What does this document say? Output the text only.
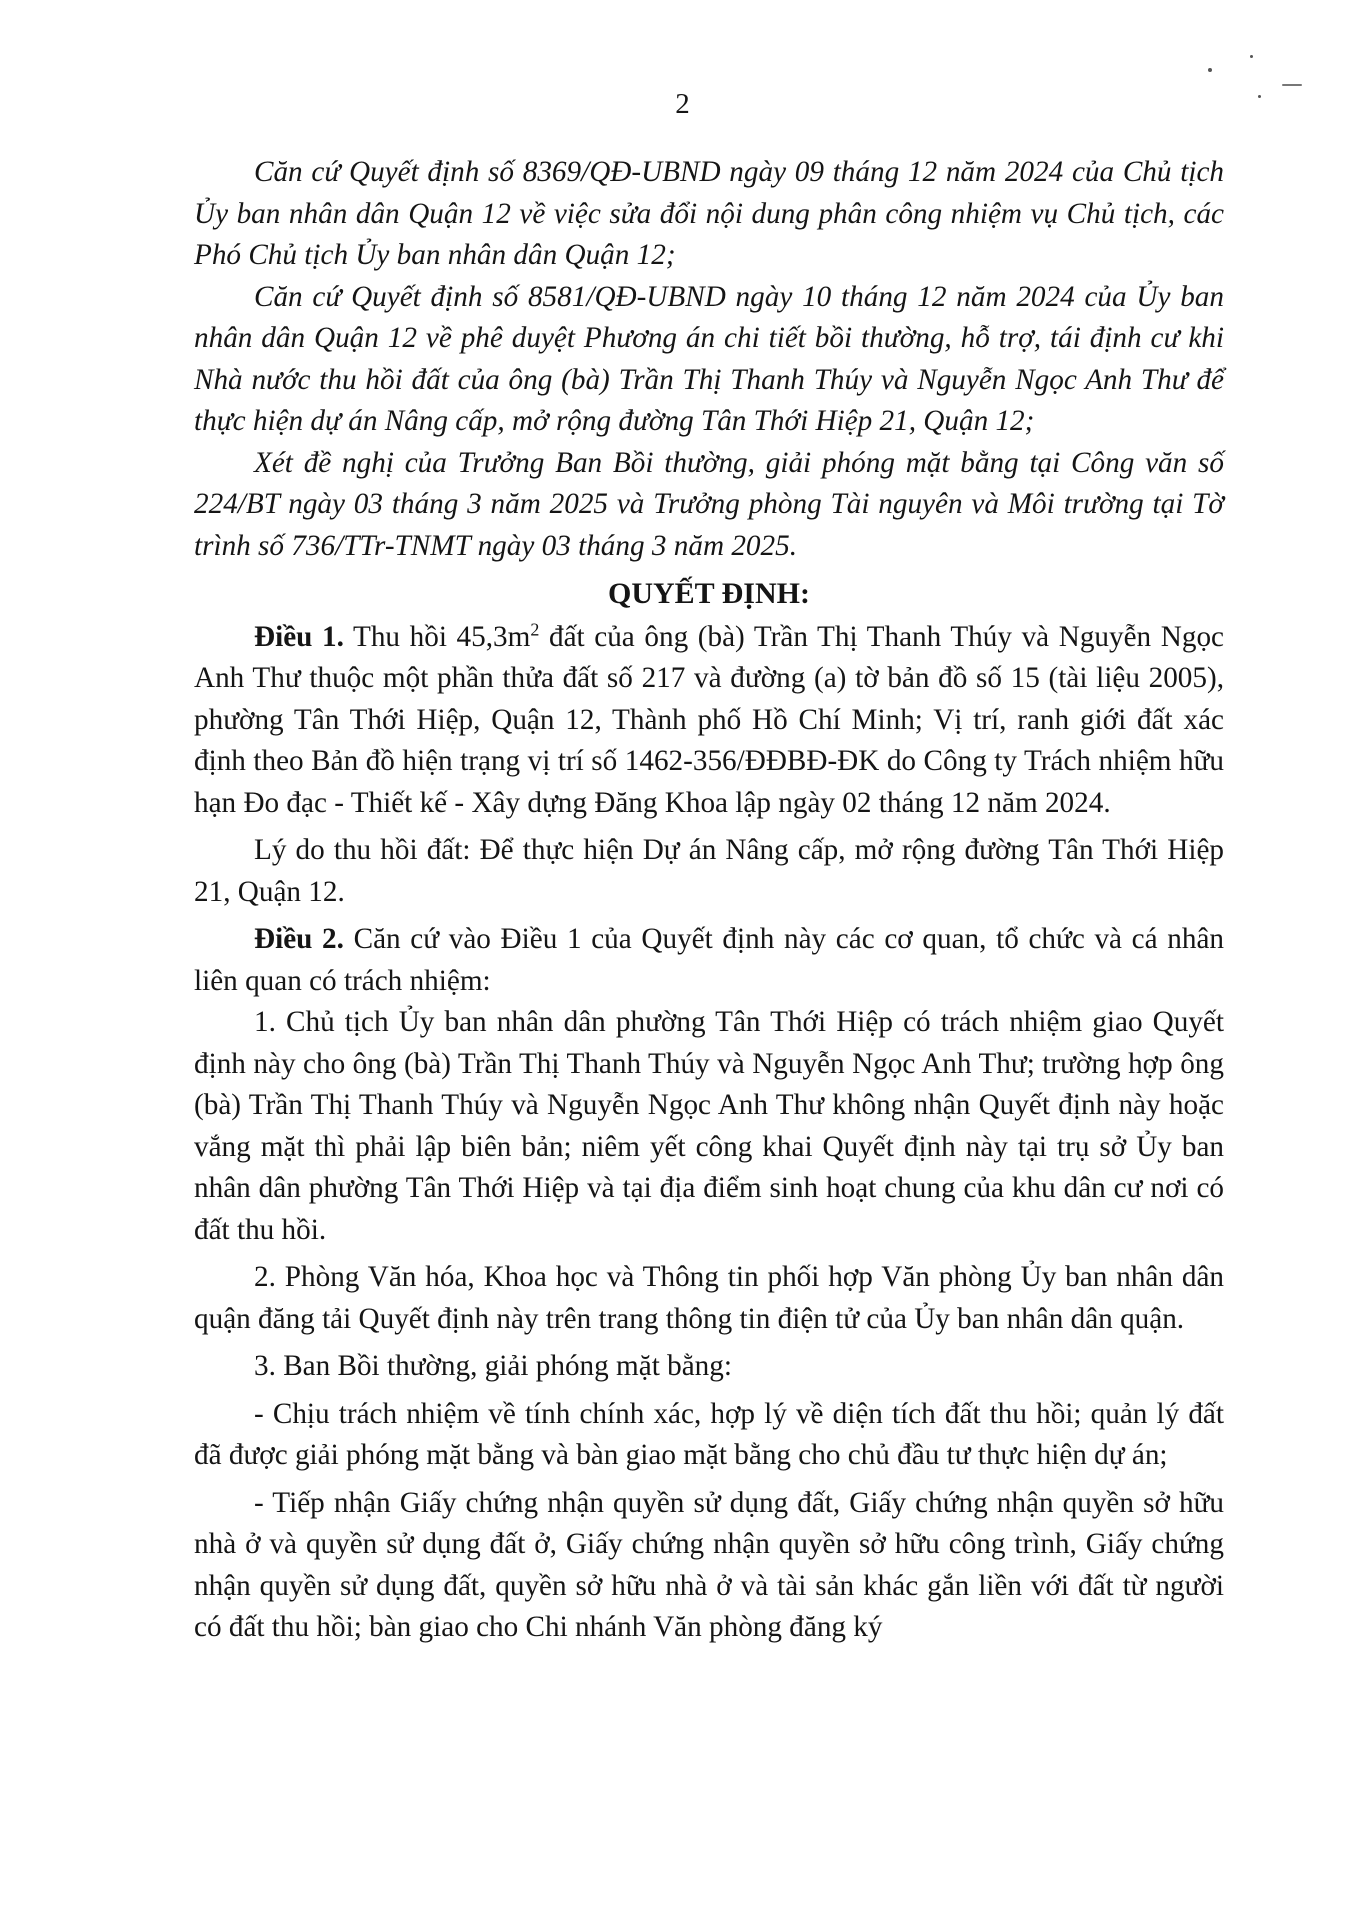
2

Căn cứ Quyết định số 8369/QĐ-UBND ngày 09 tháng 12 năm 2024 của Chủ tịch Ủy ban nhân dân Quận 12 về việc sửa đổi nội dung phân công nhiệm vụ Chủ tịch, các Phó Chủ tịch Ủy ban nhân dân Quận 12;

Căn cứ Quyết định số 8581/QĐ-UBND ngày 10 tháng 12 năm 2024 của Ủy ban nhân dân Quận 12 về phê duyệt Phương án chi tiết bồi thường, hỗ trợ, tái định cư khi Nhà nước thu hồi đất của ông (bà) Trần Thị Thanh Thúy và Nguyễn Ngọc Anh Thư để thực hiện dự án Nâng cấp, mở rộng đường Tân Thới Hiệp 21, Quận 12;

Xét đề nghị của Trưởng Ban Bồi thường, giải phóng mặt bằng tại Công văn số 224/BT ngày 03 tháng 3 năm 2025 và Trưởng phòng Tài nguyên và Môi trường tại Tờ trình số 736/TTr-TNMT ngày 03 tháng 3 năm 2025.

QUYẾT ĐỊNH:

Điều 1. Thu hồi $45,3m^2$ đất của ông (bà) Trần Thị Thanh Thúy và Nguyễn Ngọc Anh Thư thuộc một phần thửa đất số 217 và đường (a) tờ bản đồ số 15 (tài liệu 2005), phường Tân Thới Hiệp, Quận 12, Thành phố Hồ Chí Minh; Vị trí, ranh giới đất xác định theo Bản đồ hiện trạng vị trí số 1462-356/ĐĐBĐ-ĐK do Công ty Trách nhiệm hữu hạn Đo đạc - Thiết kế - Xây dựng Đăng Khoa lập ngày 02 tháng 12 năm 2024.

Lý do thu hồi đất: Để thực hiện Dự án Nâng cấp, mở rộng đường Tân Thới Hiệp 21, Quận 12.

Điều 2. Căn cứ vào Điều 1 của Quyết định này các cơ quan, tổ chức và cá nhân liên quan có trách nhiệm:

1. Chủ tịch Ủy ban nhân dân phường Tân Thới Hiệp có trách nhiệm giao Quyết định này cho ông (bà) Trần Thị Thanh Thúy và Nguyễn Ngọc Anh Thư; trường hợp ông (bà) Trần Thị Thanh Thúy và Nguyễn Ngọc Anh Thư không nhận Quyết định này hoặc vắng mặt thì phải lập biên bản; niêm yết công khai Quyết định này tại trụ sở Ủy ban nhân dân phường Tân Thới Hiệp và tại địa điểm sinh hoạt chung của khu dân cư nơi có đất thu hồi.

2. Phòng Văn hóa, Khoa học và Thông tin phối hợp Văn phòng Ủy ban nhân dân quận đăng tải Quyết định này trên trang thông tin điện tử của Ủy ban nhân dân quận.

3. Ban Bồi thường, giải phóng mặt bằng:

- Chịu trách nhiệm về tính chính xác, hợp lý về diện tích đất thu hồi; quản lý đất đã được giải phóng mặt bằng và bàn giao mặt bằng cho chủ đầu tư thực hiện dự án;

- Tiếp nhận Giấy chứng nhận quyền sử dụng đất, Giấy chứng nhận quyền sở hữu nhà ở và quyền sử dụng đất ở, Giấy chứng nhận quyền sở hữu công trình, Giấy chứng nhận quyền sử dụng đất, quyền sở hữu nhà ở và tài sản khác gắn liền với đất từ người có đất thu hồi; bàn giao cho Chi nhánh Văn phòng đăng ký
